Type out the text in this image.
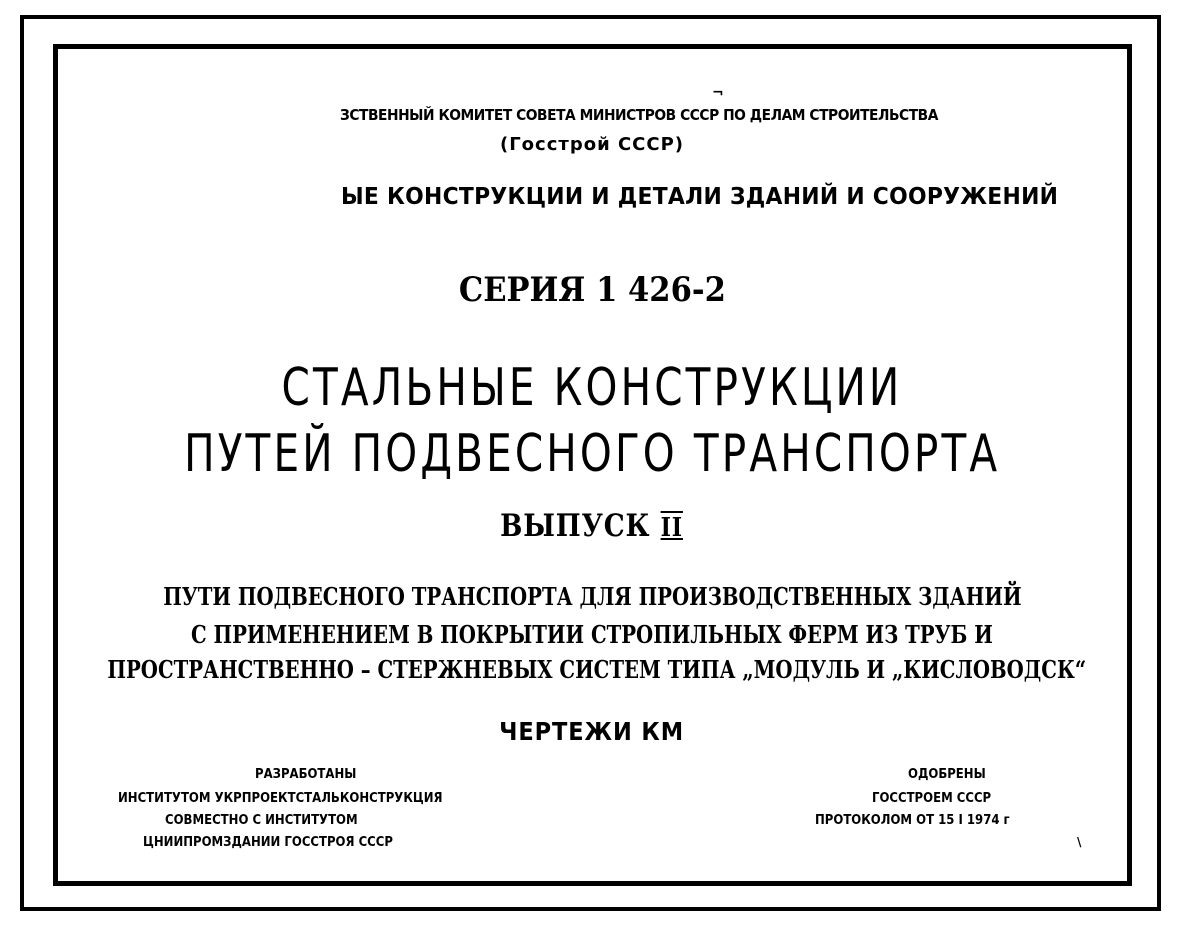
¬
ЗСТВЕННЫЙ КОМИТЕТ СОВЕТА МИНИСТРОВ СССР ПО ДЕЛАМ СТРОИТЕЛЬСТВА
(Госстрой СССР)
ЫЕ КОНСТРУКЦИИ И ДЕТАЛИ ЗДАНИЙ И СООРУЖЕНИЙ
СЕРИЯ 1 426-2
СТАЛЬНЫЕ КОНСТРУКЦИИ
ПУТЕЙ ПОДВЕСНОГО ТРАНСПОРТА
ВЫПУСК II
ПУТИ ПОДВЕСНОГО ТРАНСПОРТА ДЛЯ ПРОИЗВОДСТВЕННЫХ ЗДАНИЙ
С ПРИМЕНЕНИЕМ В ПОКРЫТИИ СТРОПИЛЬНЫХ ФЕРМ ИЗ ТРУБ И
ПРОСТРАНСТВЕННО – СТЕРЖНЕВЫХ СИСТЕМ ТИПА „МОДУЛЬ И „КИСЛОВОДСК“
ЧЕРТЕЖИ КМ
РАЗРАБОТАНЫ
ИНСТИТУТОМ УКРПРОЕКТСТАЛЬКОНСТРУКЦИЯ
СОВМЕСТНО С ИНСТИТУТОМ
ЦНИИПРОМЗДАНИИ ГОССТРОЯ СССР
ОДОБРЕНЫ
ГОССТРОЕМ СССР
ПРОТОКОЛОМ ОТ 15 I 1974 г
\
